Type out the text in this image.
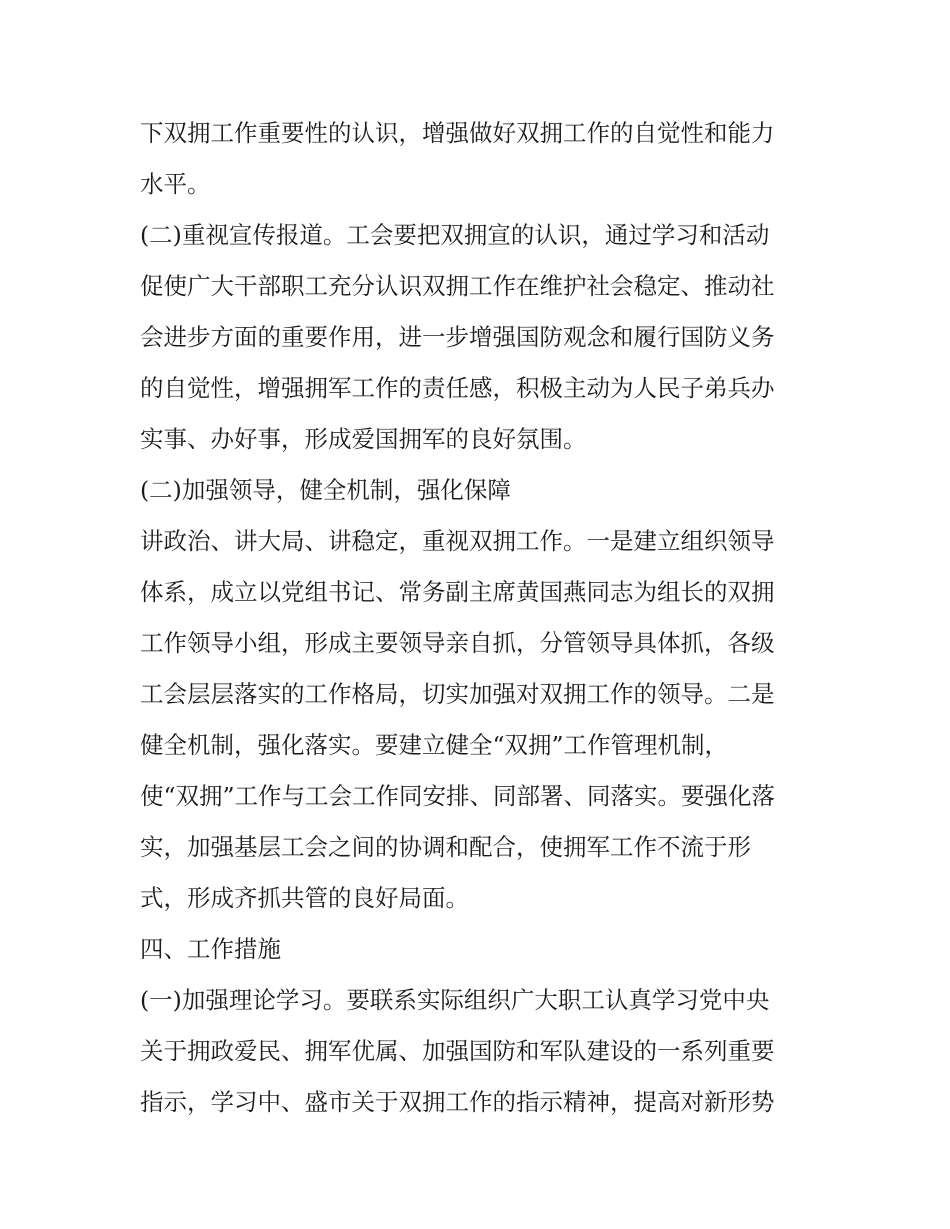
下双拥工作重要性的认识，增强做好双拥工作的自觉性和能力
水平。
(二)重视宣传报道。工会要把双拥宣的认识，通过学习和活动
促使广大干部职工充分认识双拥工作在维护社会稳定、推动社
会进步方面的重要作用，进一步增强国防观念和履行国防义务
的自觉性，增强拥军工作的责任感，积极主动为人民子弟兵办
实事、办好事，形成爱国拥军的良好氛围。
(二)加强领导，健全机制，强化保障
讲政治、讲大局、讲稳定，重视双拥工作。一是建立组织领导
体系，成立以党组书记、常务副主席黄国燕同志为组长的双拥
工作领导小组，形成主要领导亲自抓，分管领导具体抓，各级
工会层层落实的工作格局，切实加强对双拥工作的领导。二是
健全机制，强化落实。要建立健全“双拥”工作管理机制，
使“双拥”工作与工会工作同安排、同部署、同落实。要强化落
实，加强基层工会之间的协调和配合，使拥军工作不流于形
式，形成齐抓共管的良好局面。
四、工作措施
(一)加强理论学习。要联系实际组织广大职工认真学习党中央
关于拥政爱民、拥军优属、加强国防和军队建设的一系列重要
指示，学习中、盛市关于双拥工作的指示精神，提高对新形势
